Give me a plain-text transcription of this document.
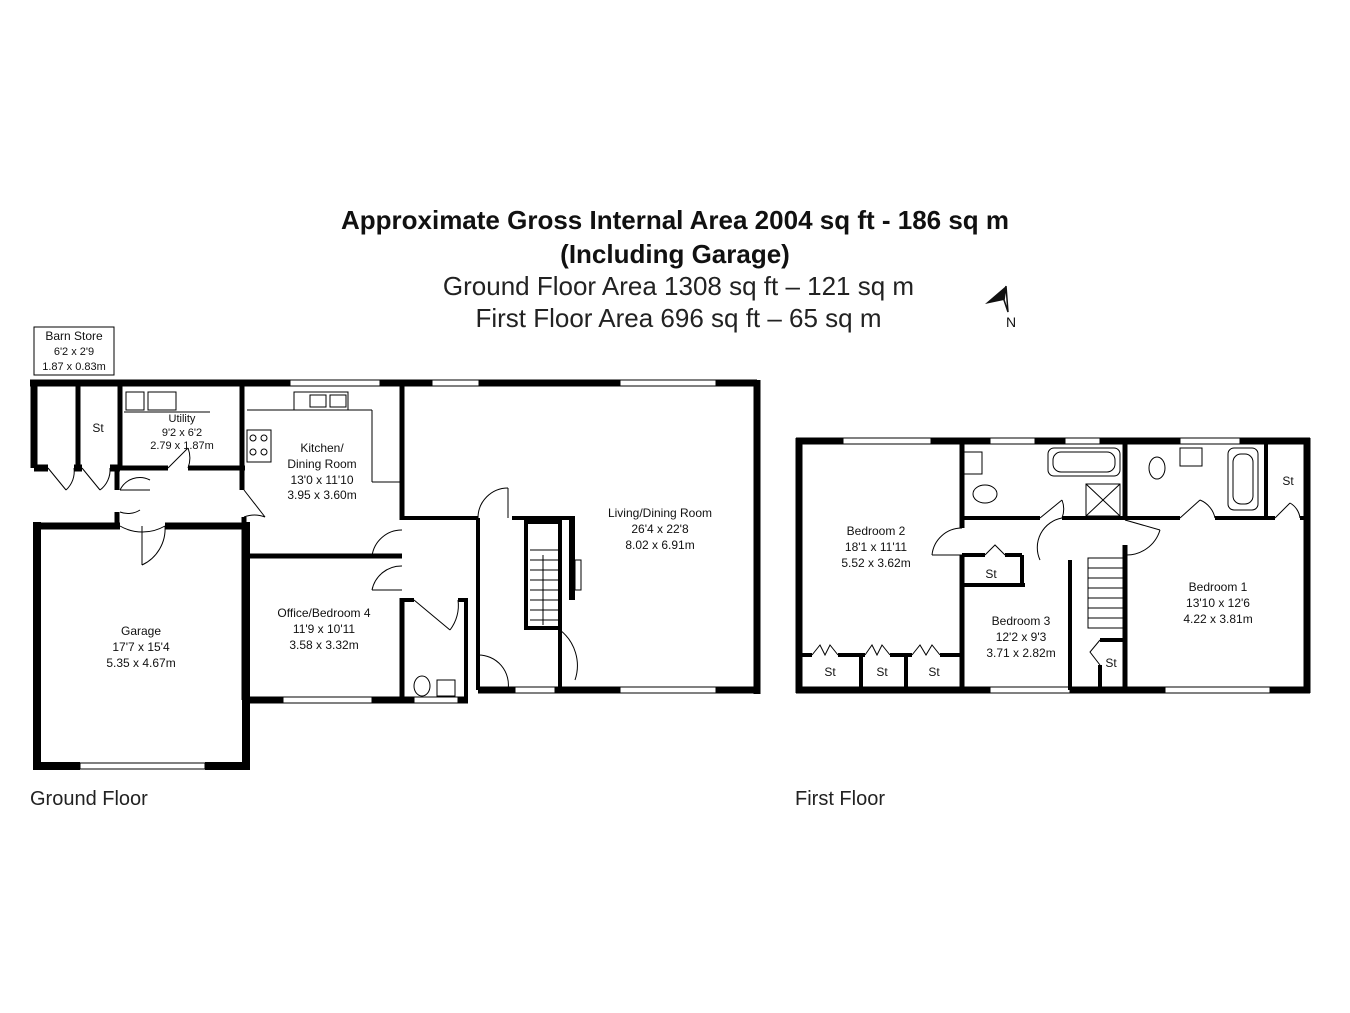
Approximate Gross Internal Area 2004 sq ft - 186 sq m
(Including Garage)
Ground Floor Area 1308 sq ft – 121 sq m
First Floor Area 696 sq ft – 65 sq m	N
Barn Store
6'2 x 2'9
1.87 x 0.83m
St
Utility
9'2 x 6'2
2.79 x 1.87m	Kitchen/
Dining Room
13'0 x 11'10
3.95 x 3.60m
Living/Dining Room
26'4 x 22'8
8.02 x 6.91m
Garage
17'7 x 15'4
5.35 x 4.67m
Office/Bedroom 4
11'9 x 10'11
3.58 x 3.32m
Bedroom 2
18'1 x 11'11
5.52 x 3.62m
Bedroom 3
12'2 x 9'3
3.71 x 2.82m
Bedroom 1
13'10 x 12'6
4.22 x 3.81m
St
St
St	St	St
St
Ground Floor	First Floor
